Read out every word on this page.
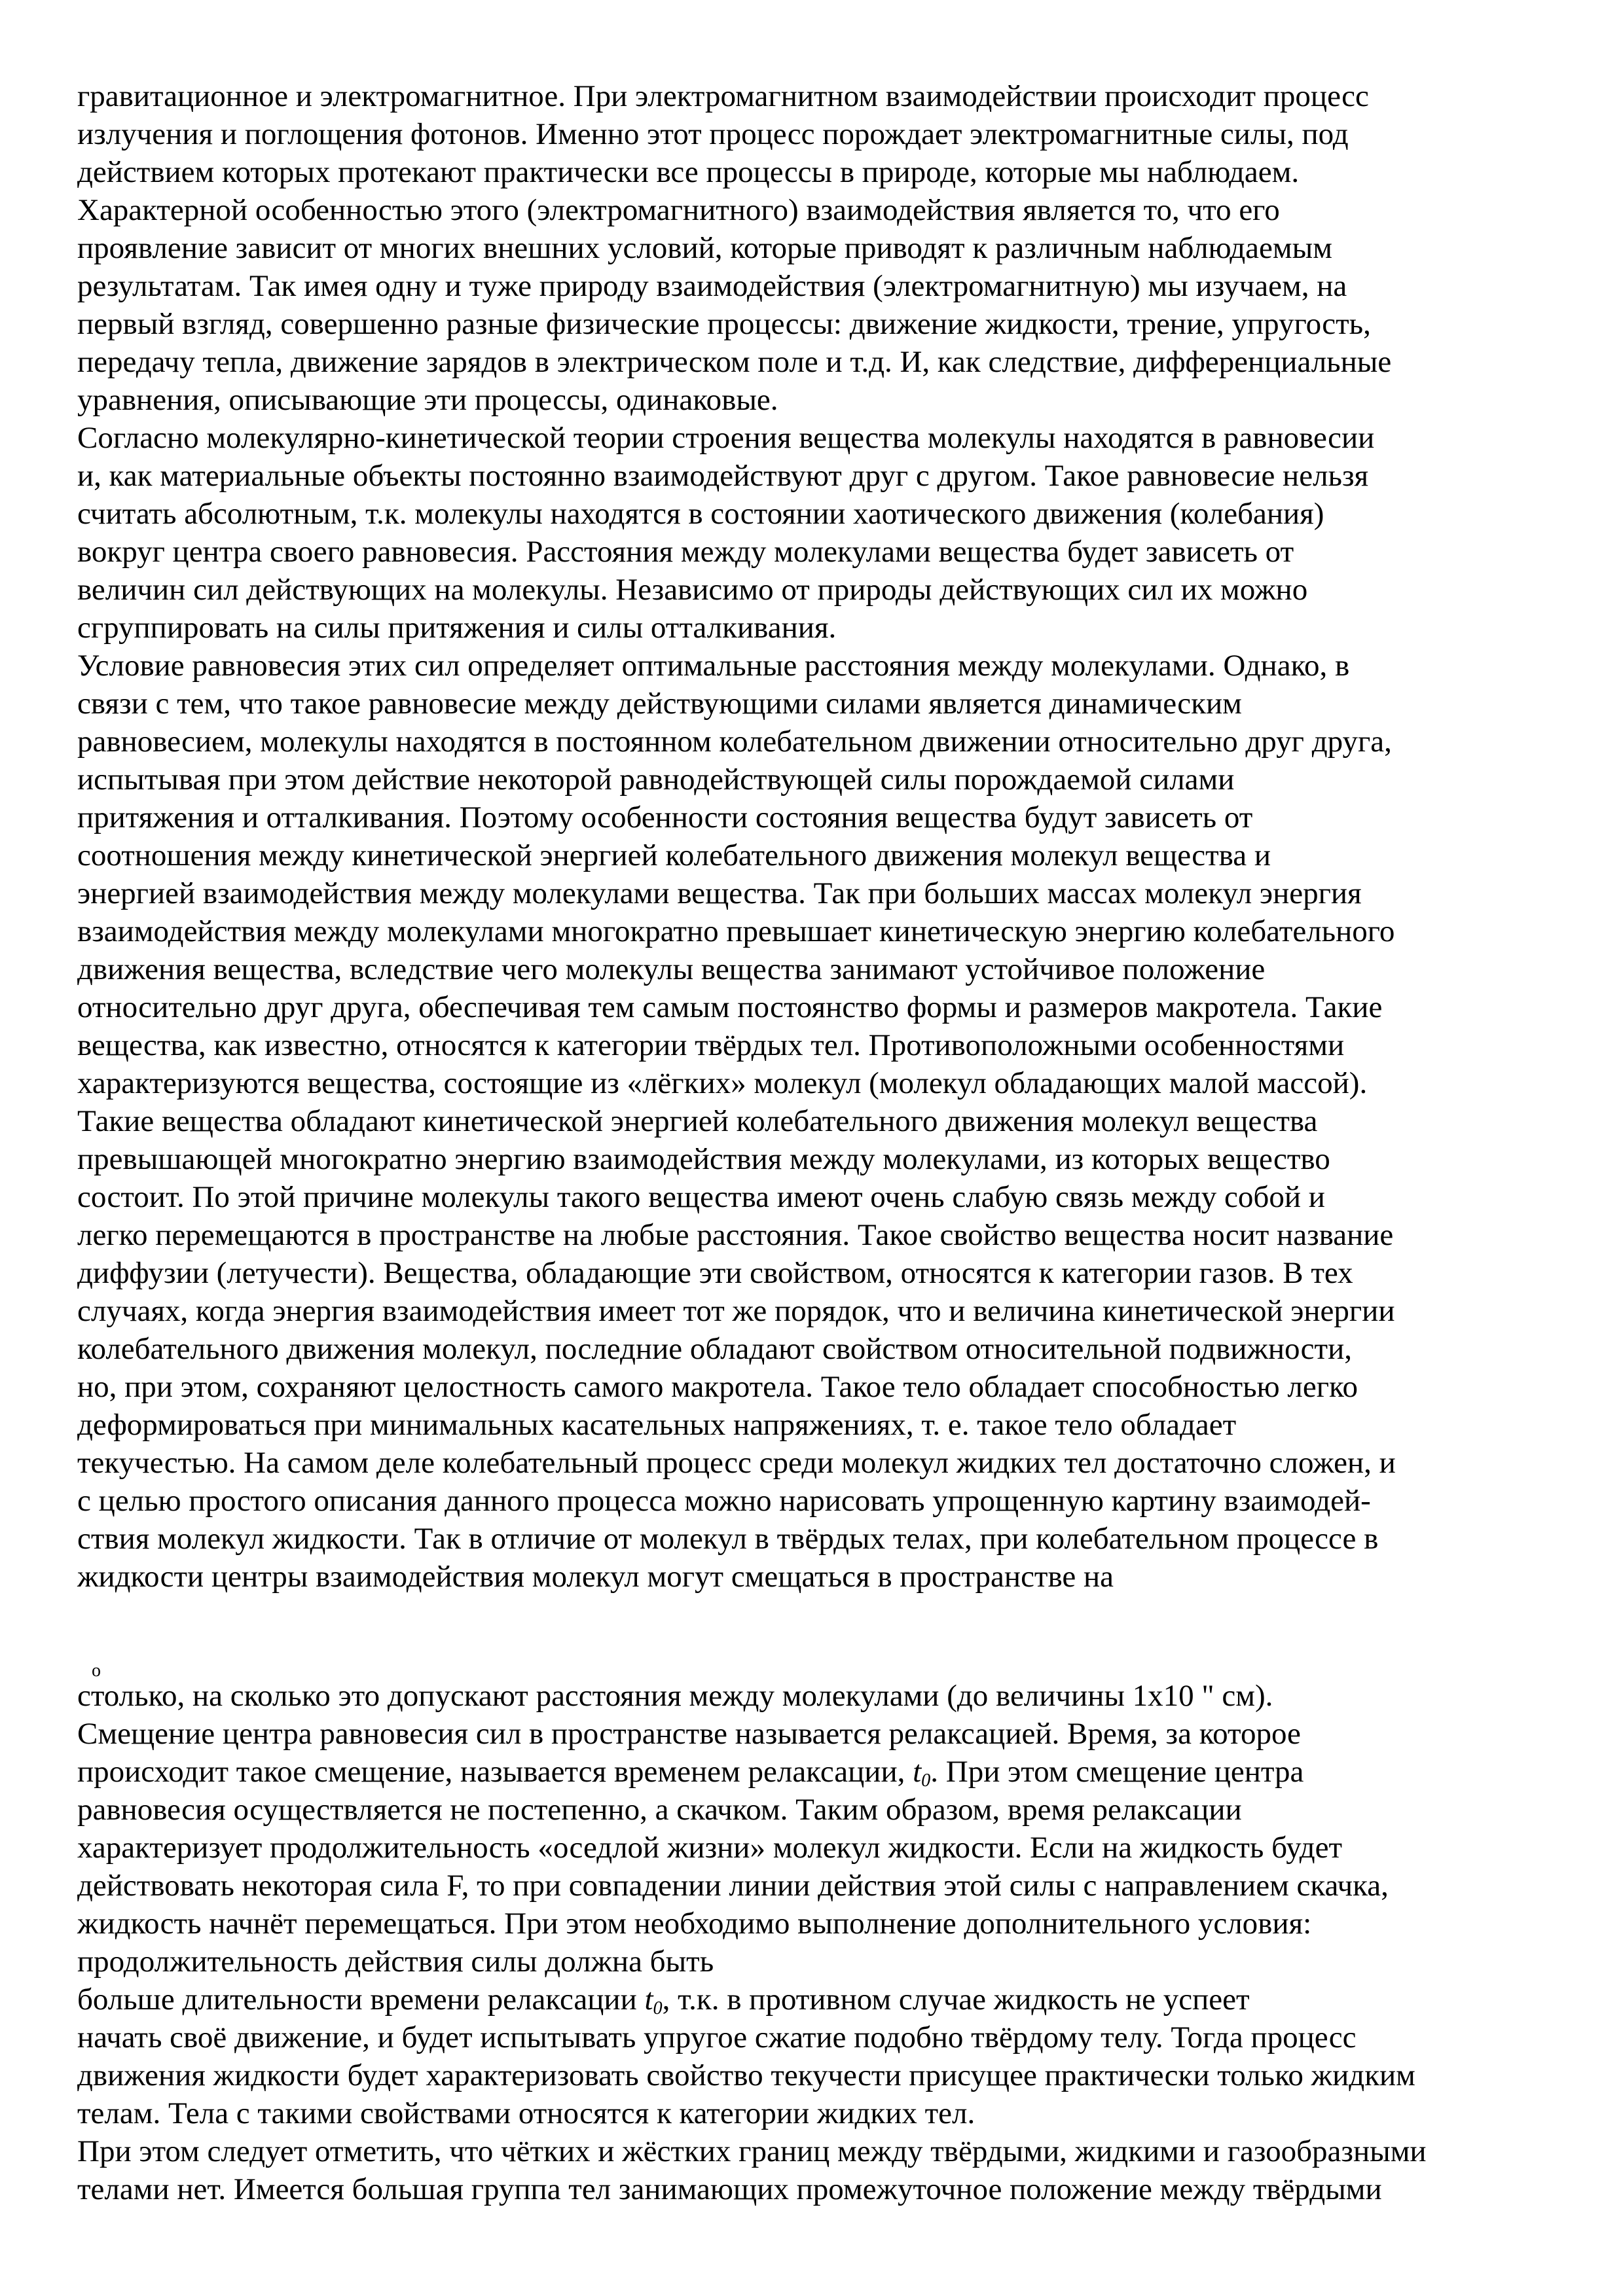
гравитационное и электромагнитное. При электромагнитном взаимодействии происходит процесс
излучения и поглощения фотонов. Именно этот процесс порождает электромагнитные силы, под
действием которых протекают практически все процессы в природе, которые мы наблюдаем.
Характерной особенностью этого (электромагнитного) взаимодействия является то, что его
проявление зависит от многих внешних условий, которые приводят к различным наблюдаемым
результатам. Так имея одну и туже природу взаимодействия (электромагнитную) мы изучаем, на
первый взгляд, совершенно разные физические процессы: движение жидкости, трение, упругость,
передачу тепла, движение зарядов в электрическом поле и т.д. И, как следствие, дифференциальные
уравнения, описывающие эти процессы, одинаковые.
Согласно молекулярно-кинетической теории строения вещества молекулы находятся в равновесии
и, как материальные объекты постоянно взаимодействуют друг с другом. Такое равновесие нельзя
считать абсолютным, т.к. молекулы находятся в состоянии хаотического движения (колебания)
вокруг центра своего равновесия. Расстояния между молекулами вещества будет зависеть от
величин сил действующих на молекулы. Независимо от природы действующих сил их можно
сгруппировать на силы притяжения и силы отталкивания.
Условие равновесия этих сил определяет оптимальные расстояния между молекулами. Однако, в
связи с тем, что такое равновесие между действующими силами является динамическим
равновесием, молекулы находятся в постоянном колебательном движении относительно друг друга,
испытывая при этом действие некоторой равнодействующей силы порождаемой силами
притяжения и отталкивания. Поэтому особенности состояния вещества будут зависеть от
соотношения между кинетической энергией колебательного движения молекул вещества и
энергией взаимодействия между молекулами вещества. Так при больших массах молекул энергия
взаимодействия между молекулами многократно превышает кинетическую энергию колебательного
движения вещества, вследствие чего молекулы вещества занимают устойчивое положение
относительно друг друга, обеспечивая тем самым постоянство формы и размеров макротела. Такие
вещества, как известно, относятся к категории твёрдых тел. Противоположными особенностями
характеризуются вещества, состоящие из «лёгких» молекул (молекул обладающих малой массой).
Такие вещества обладают кинетической энергией колебательного движения молекул вещества
превышающей многократно энергию взаимодействия между молекулами, из которых вещество
состоит. По этой причине молекулы такого вещества имеют очень слабую связь между собой и
легко перемещаются в пространстве на любые расстояния. Такое свойство вещества носит название
диффузии (летучести). Вещества, обладающие эти свойством, относятся к категории газов. В тех
случаях, когда энергия взаимодействия имеет тот же порядок, что и величина кинетической энергии
колебательного движения молекул, последние обладают свойством относительной подвижности,
но, при этом, сохраняют целостность самого макротела. Такое тело обладает способностью легко
деформироваться при минимальных касательных напряжениях, т. е. такое тело обладает
текучестью. На самом деле колебательный процесс среди молекул жидких тел достаточно сложен, и
с целью простого описания данного процесса можно нарисовать упрощенную картину взаимодей-
ствия молекул жидкости. Так в отличие от молекул в твёрдых телах, при колебательном процессе в
жидкости центры взаимодействия молекул могут смещаться в пространстве на
o
столько, на сколько это допускают расстояния между молекулами (до величины 1x10 " см).
Смещение центра равновесия сил в пространстве называется релаксацией. Время, за которое
происходит такое смещение, называется временем релаксации, $t_0$. При этом смещение центра
равновесия осуществляется не постепенно, а скачком. Таким образом, время релаксации
характеризует продолжительность «оседлой жизни» молекул жидкости. Если на жидкость будет
действовать некоторая сила F, то при совпадении линии действия этой силы с направлением скачка,
жидкость начнёт перемещаться. При этом необходимо выполнение дополнительного условия:
продолжительность действия силы должна быть
больше длительности времени релаксации $t_0$, т.к. в противном случае жидкость не успеет
начать своё движение, и будет испытывать упругое сжатие подобно твёрдому телу. Тогда процесс
движения жидкости будет характеризовать свойство текучести присущее практически только жидким
телам. Тела с такими свойствами относятся к категории жидких тел.
При этом следует отметить, что чётких и жёстких границ между твёрдыми, жидкими и газообразными
телами нет. Имеется большая группа тел занимающих промежуточное положение между твёрдыми
